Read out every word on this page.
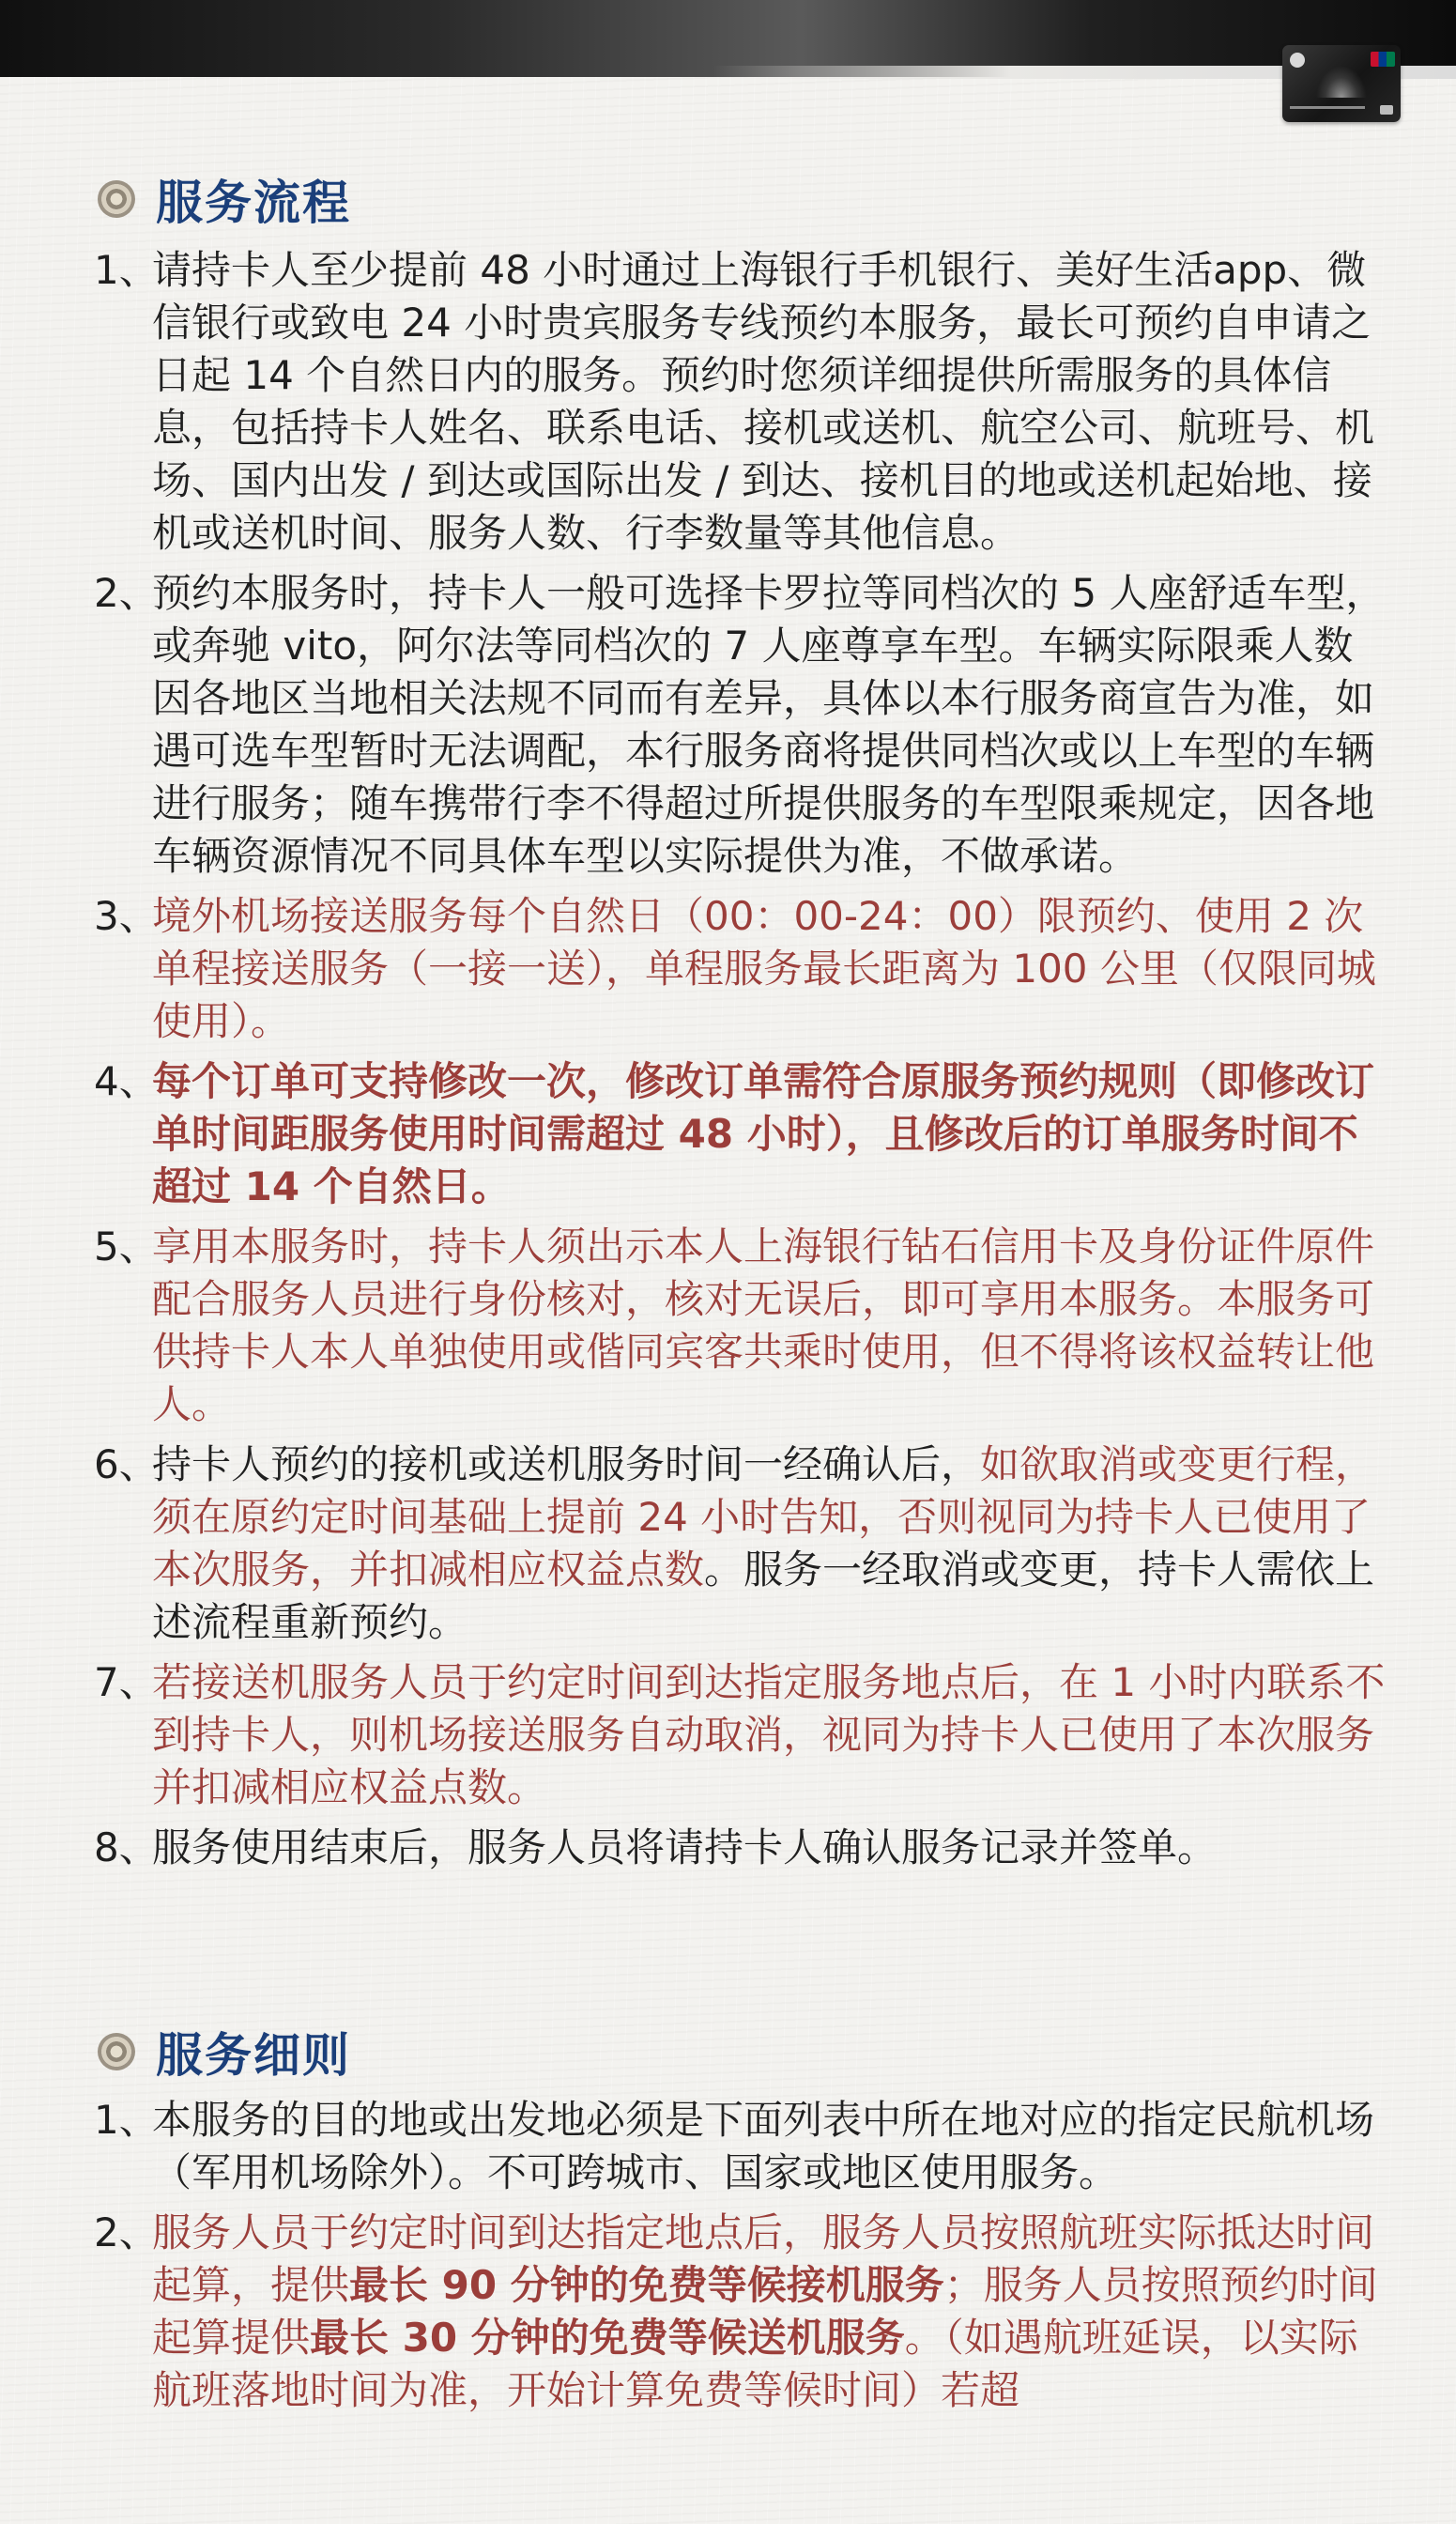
服务流程
1、
请持卡人至少提前 48 小时通过上海银行手机银行、美好生活app、微信银行或致电 24 小时贵宾服务专线预约本服务，最长可预约自申请之日起 14 个自然日内的服务。预约时您须详细提供所需服务的具体信息，包括持卡人姓名、联系电话、接机或送机、航空公司、航班号、机场、国内出发 / 到达或国际出发 / 到达、接机目的地或送机起始地、接机或送机时间、服务人数、行李数量等其他信息。
2、
预约本服务时，持卡人一般可选择卡罗拉等同档次的 5 人座舒适车型，或奔驰 vito，阿尔法等同档次的 7 人座尊享车型。车辆实际限乘人数因各地区当地相关法规不同而有差异，具体以本行服务商宣告为准，如遇可选车型暂时无法调配，本行服务商将提供同档次或以上车型的车辆进行服务；随车携带行李不得超过所提供服务的车型限乘规定，因各地车辆资源情况不同具体车型以实际提供为准，不做承诺。
3、
境外机场接送服务每个自然日（00：00-24：00）限预约、使用 2 次单程接送服务（一接一送），单程服务最长距离为 100 公里（仅限同城使用）。
4、
每个订单可支持修改一次，修改订单需符合原服务预约规则（即修改订单时间距服务使用时间需超过 48 小时），且修改后的订单服务时间不超过 14 个自然日。
5、
享用本服务时，持卡人须出示本人上海银行钻石信用卡及身份证件原件配合服务人员进行身份核对，核对无误后，即可享用本服务。本服务可供持卡人本人单独使用或偕同宾客共乘时使用，但不得将该权益转让他人。
6、
持卡人预约的接机或送机服务时间一经确认后，如欲取消或变更行程，须在原约定时间基础上提前 24 小时告知，否则视同为持卡人已使用了本次服务，并扣减相应权益点数。服务一经取消或变更，持卡人需依上述流程重新预约。
7、
若接送机服务人员于约定时间到达指定服务地点后，在 1 小时内联系不到持卡人，则机场接送服务自动取消，视同为持卡人已使用了本次服务并扣减相应权益点数。
8、
服务使用结束后，服务人员将请持卡人确认服务记录并签单。
服务细则
1、
本服务的目的地或出发地必须是下面列表中所在地对应的指定民航机场（军用机场除外）。不可跨城市、国家或地区使用服务。
2、
服务人员于约定时间到达指定地点后，服务人员按照航班实际抵达时间起算，提供最长 90 分钟的免费等候接机服务；服务人员按照预约时间起算提供最长 30 分钟的免费等候送机服务。（如遇航班延误，以实际航班落地时间为准，开始计算免费等候时间）若超
